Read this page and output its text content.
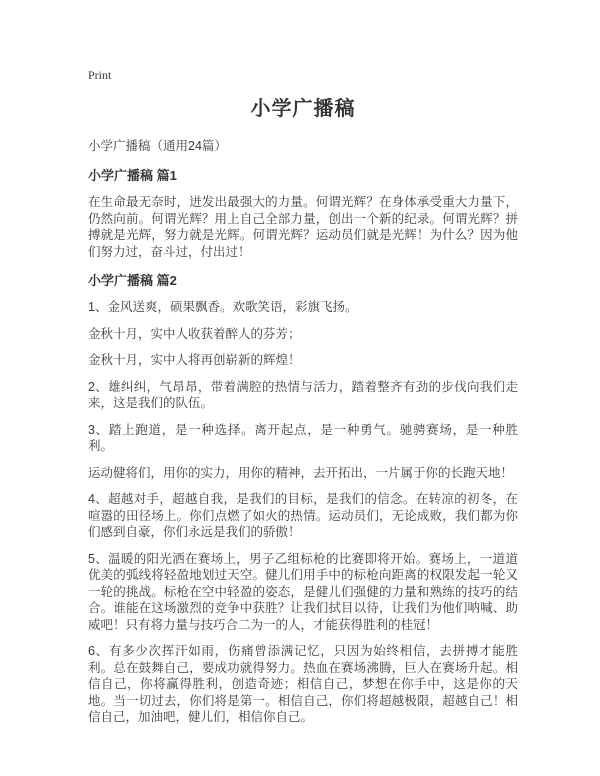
Print
小学广播稿
小学广播稿（通用24篇）
小学广播稿 篇1

在生命最无奈时，迸发出最强大的力量。何谓光辉？在身体承受重大力量下，仍然向前。何谓光辉？用上自己全部力量，创出一个新的纪录。何谓光辉？拼搏就是光辉，努力就是光辉。何谓光辉？运动员们就是光辉！为什么？因为他们努力过，奋斗过，付出过！

小学广播稿 篇2

1、金风送爽，硕果飘香。欢歌笑语，彩旗飞扬。

金秋十月，实中人收获着醉人的芬芳；

金秋十月，实中人将再创崭新的辉煌！

2、雄纠纠，气昂昂，带着满腔的热情与活力，踏着整齐有劲的步伐向我们走来，这是我们的队伍。

3、踏上跑道，是一种选择。离开起点，是一种勇气。驰骋赛场，是一种胜利。

运动健将们，用你的实力，用你的精神，去开拓出，一片属于你的长跑天地！

4、超越对手，超越自我，是我们的目标，是我们的信念。在转凉的初冬，在喧嚣的田径场上。你们点燃了如火的热情。运动员们，无论成败，我们都为你们感到自豪，你们永远是我们的骄傲！

5、温暖的阳光洒在赛场上，男子乙组标枪的比赛即将开始。赛场上，一道道优美的弧线将轻盈地划过天空。健儿们用手中的标枪向距离的权限发起一轮又一轮的挑战。标枪在空中轻盈的姿态，是健儿们强健的力量和熟练的技巧的结合。谁能在这场激烈的竞争中获胜？让我们拭目以待，让我们为他们呐喊、助威吧！只有将力量与技巧合二为一的人，才能获得胜利的桂冠！

6、有多少次挥汗如雨，伤痛曾添满记忆，只因为始终相信，去拼搏才能胜利。总在鼓舞自己，要成功就得努力。热血在赛场沸腾，巨人在赛场升起。相信自己，你将赢得胜利，创造奇迹；相信自己，梦想在你手中，这是你的天地。当一切过去，你们将是第一。相信自己，你们将超越极限，超越自己！相信自己，加油吧，健儿们，相信你自己。
